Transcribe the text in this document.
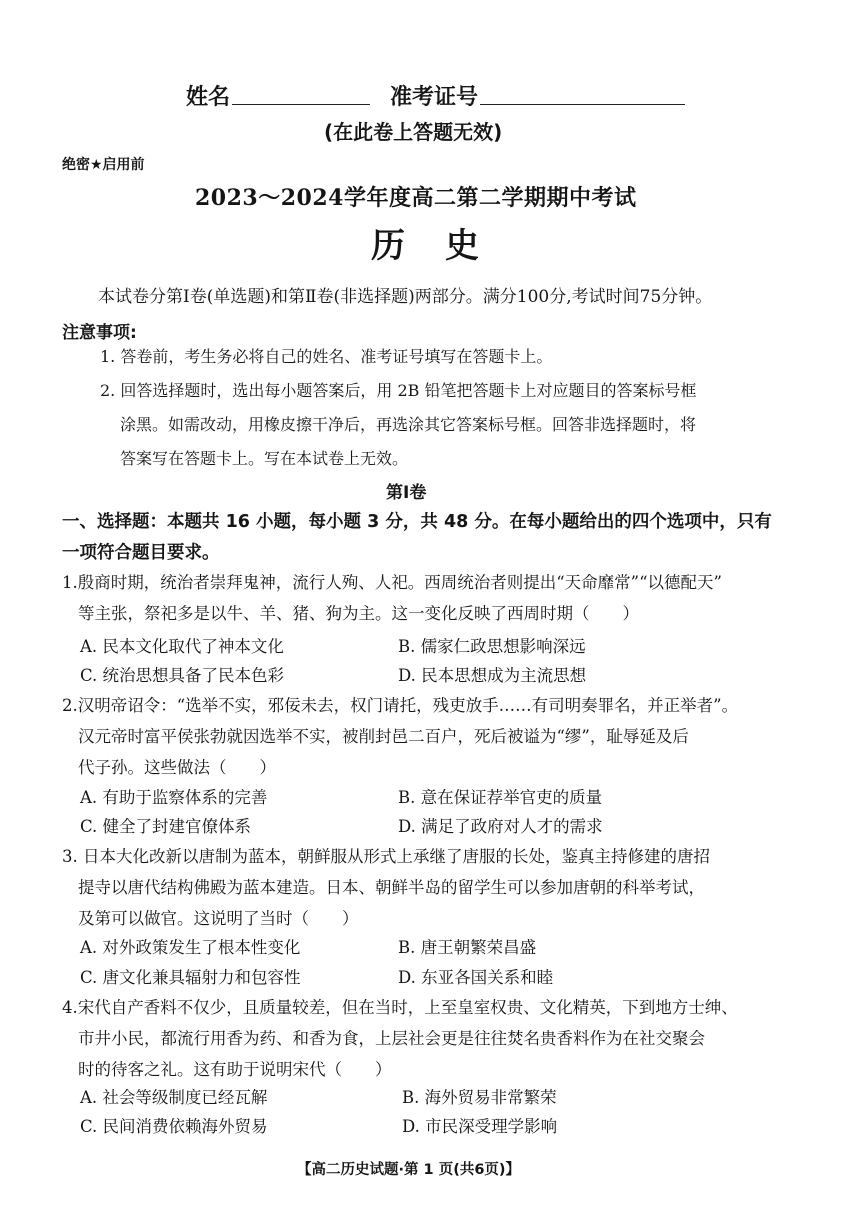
姓名	准考证号
(在此卷上答题无效)
绝密★启用前
2023～2024学年度高二第二学期期中考试
历史
本试卷分第Ⅰ卷(单选题)和第Ⅱ卷(非选择题)两部分。满分100分,考试时间75分钟。
注意事项:
1. 答卷前，考生务必将自己的姓名、准考证号填写在答题卡上。
2. 回答选择题时，选出每小题答案后，用 2B 铅笔把答题卡上对应题目的答案标号框
涂黑。如需改动，用橡皮擦干净后，再选涂其它答案标号框。回答非选择题时，将
答案写在答题卡上。写在本试卷上无效。
第Ⅰ卷
一、选择题：本题共 16 小题，每小题 3 分，共 48 分。在每小题给出的四个选项中，只有
一项符合题目要求。
1.殷商时期，统治者崇拜鬼神，流行人殉、人祀。西周统治者则提出“天命靡常”“以德配天”
等主张，祭祀多是以牛、羊、猪、狗为主。这一变化反映了西周时期（　　）
A. 民本文化取代了神本文化	B. 儒家仁政思想影响深远
C. 统治思想具备了民本色彩	D. 民本思想成为主流思想
2.汉明帝诏令：“选举不实，邪佞未去，权门请托，残吏放手……有司明奏罪名，并正举者”。
汉元帝时富平侯张勃就因选举不实，被削封邑二百户，死后被谥为“缪”，耻辱延及后
代子孙。这些做法（　　）
A. 有助于监察体系的完善	B. 意在保证荐举官吏的质量
C. 健全了封建官僚体系	D. 满足了政府对人才的需求
3. 日本大化改新以唐制为蓝本，朝鲜服从形式上承继了唐服的长处，鉴真主持修建的唐招
提寺以唐代结构佛殿为蓝本建造。日本、朝鲜半岛的留学生可以参加唐朝的科举考试，
及第可以做官。这说明了当时（　　）
A. 对外政策发生了根本性变化	B. 唐王朝繁荣昌盛
C. 唐文化兼具辐射力和包容性	D. 东亚各国关系和睦
4.宋代自产香料不仅少，且质量较差，但在当时，上至皇室权贵、文化精英，下到地方士绅、
市井小民，都流行用香为药、和香为食，上层社会更是往往焚名贵香料作为在社交聚会
时的待客之礼。这有助于说明宋代（　　）
A. 社会等级制度已经瓦解	B. 海外贸易非常繁荣
C. 民间消费依赖海外贸易	D. 市民深受理学影响
【高二历史试题·第 1 页(共6页)】
